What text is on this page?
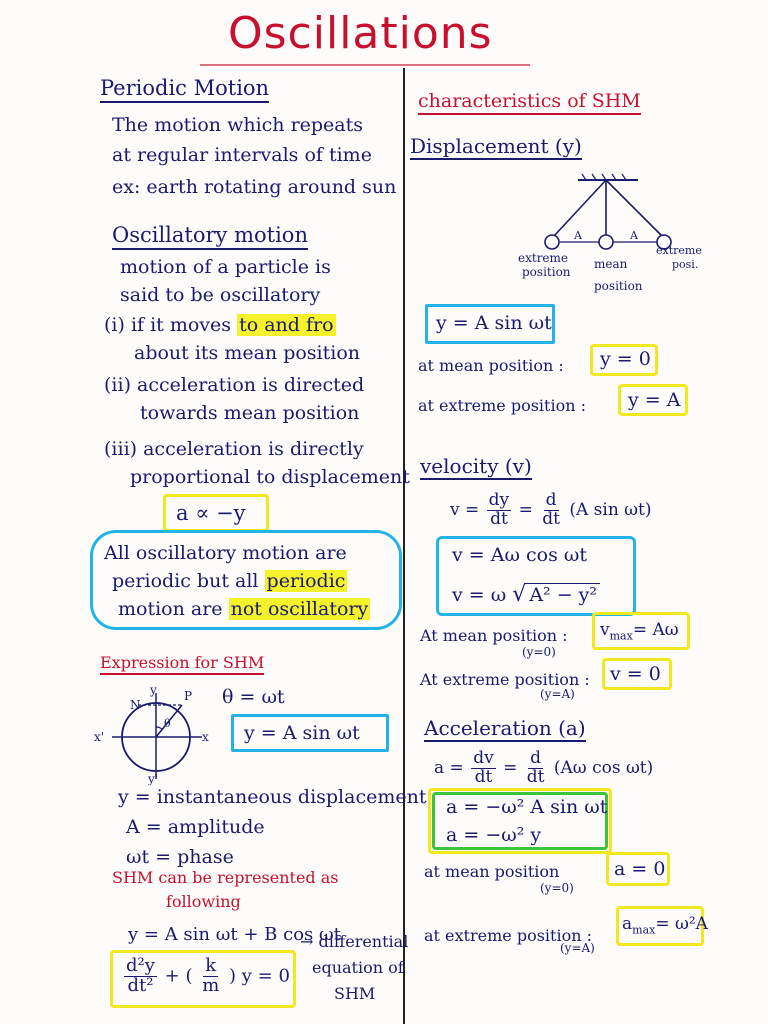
Oscillations
Periodic Motion
The motion which repeats
at regular intervals of time
ex: earth rotating around sun
Oscillatory motion
motion of a particle is
said to be oscillatory
(i) if it moves to and fro
about its mean position
(ii) acceleration is directed
towards mean position
(iii) acceleration is directly
proportional to displacement
a ∝ −y
All oscillatory motion are
periodic but all periodic
motion are not oscillatory
Expression for SHM
y P
N
θ
x
x'
y'
θ = ωt
y = A sin ωt
y = instantaneous displacement
A = amplitude
ωt = phase
SHM can be represented as
following
y = A sin ωt + B cos ωt
$\frac{\text{d²y}}{\text{dt²}}$ + ( $\frac{k}{m}$ ) y = 0
→ differential
equation of
SHM
characteristics of SHM
Displacement (y)
A	A
extreme
position
mean
position
extreme
posi.
y = A sin ωt
at mean position : y = 0
at extreme position : y = A
velocity (v)
$v = \frac{dy}{dt} = \frac{d}{dt} (A$ sin ωt)
v = Aω cos ωt
v = ω √ A² − y²
At mean position :
(y=0)
$v_{max}= A\omega$
At extreme position :
(y=A)
v = 0
Acceleration (a)
$a = \frac{dv}{dt} = \frac{d}{dt} (A\omega$ cos ωt)
a = −ω² A sin ωt
a = −ω² y
at mean position
(y=0)
a = 0
at extreme position :
(y=A)
$a_{max}= \omega^2A$
